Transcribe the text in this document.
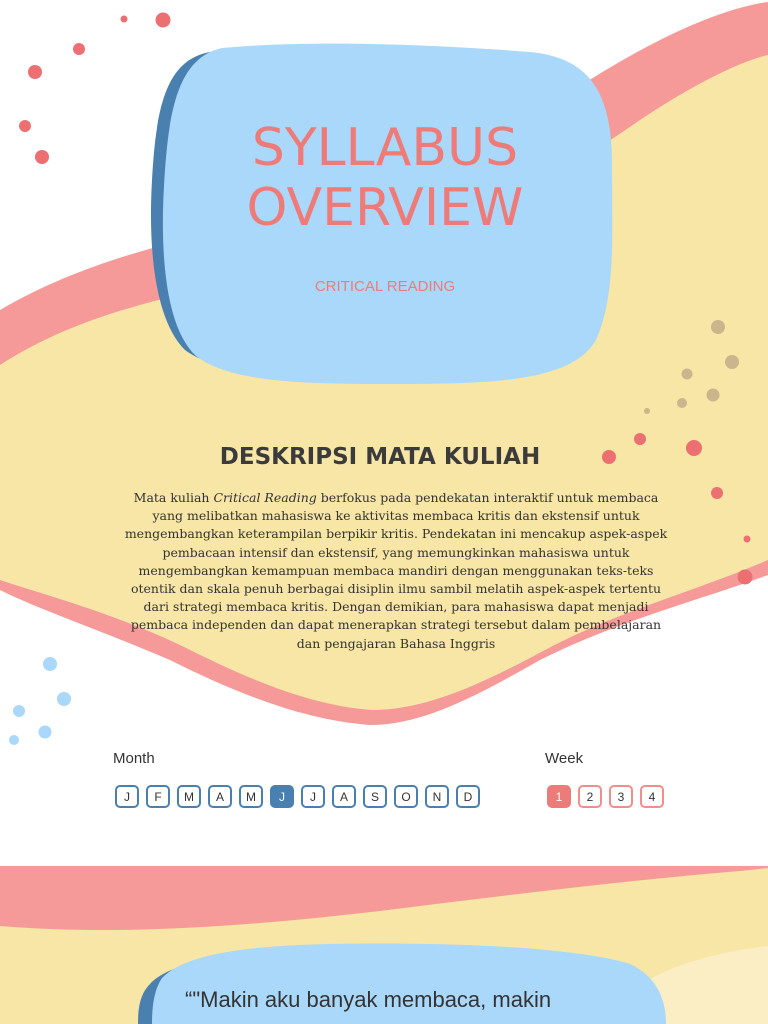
SYLLABUS
OVERVIEW
CRITICAL READING
DESKRIPSI MATA KULIAH

Mata kuliah Critical Reading berfokus pada pendekatan interaktif untuk membaca yang melibatkan mahasiswa ke aktivitas membaca kritis dan ekstensif untuk mengembangkan keterampilan berpikir kritis. Pendekatan ini mencakup aspek-aspek pembacaan intensif dan ekstensif, yang memungkinkan mahasiswa untuk mengembangkan kemampuan membaca mandiri dengan menggunakan teks-teks otentik dan skala penuh berbagai disiplin ilmu sambil melatih aspek-aspek tertentu dari strategi membaca kritis. Dengan demikian, para mahasiswa dapat menjadi pembaca independen dan dapat menerapkan strategi tersebut dalam pembelajaran dan pengajaran Bahasa Inggris

Month
J	F	M	A	M	J	J	A	S	O	N	D
Week
1	2	3	4
“"Makin aku banyak membaca, makin
